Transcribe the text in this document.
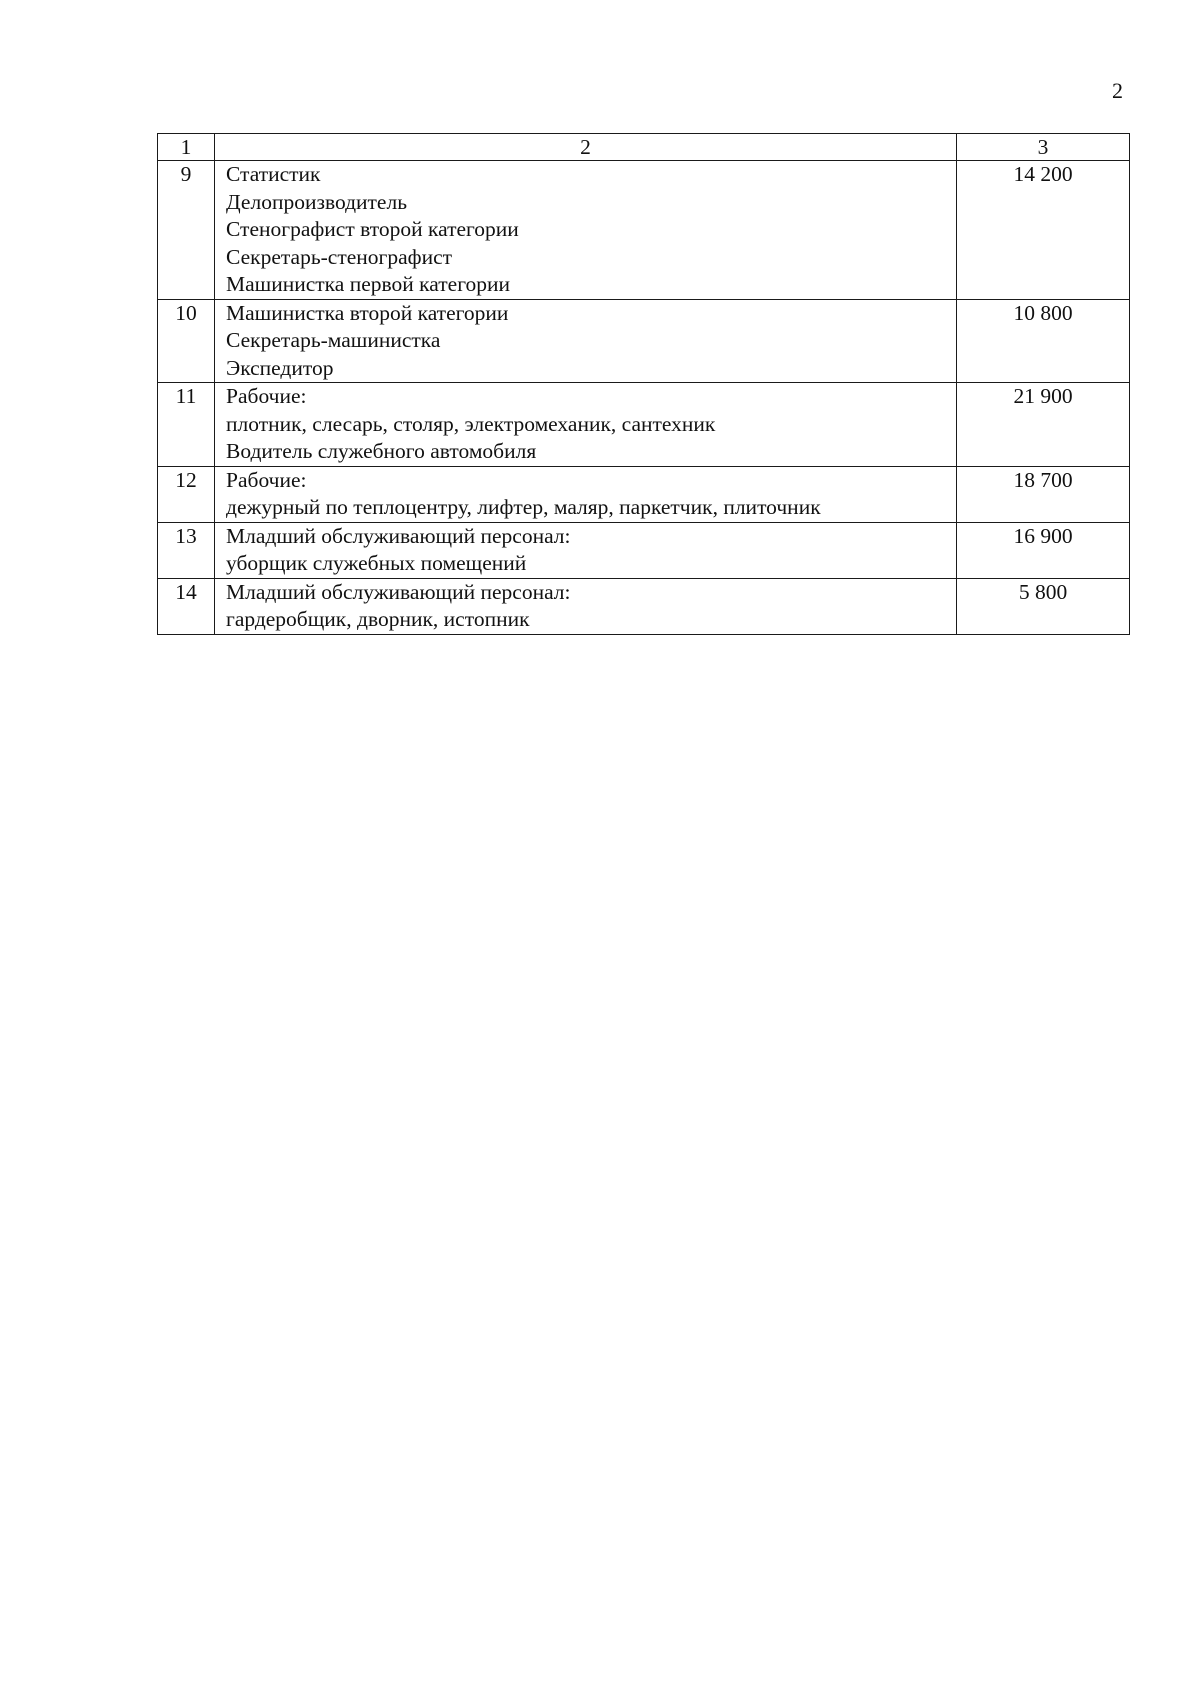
2
1	2	3
9	Статистик
Делопроизводитель
Стенографист второй категории
Секретарь-стенографист
Машинистка первой категории	14 200
10	Машинистка второй категории
Секретарь-машинистка
Экспедитор	10 800
11	Рабочие:
плотник, слесарь, столяр, электромеханик, сантехник
Водитель служебного автомобиля	21 900
12	Рабочие:
дежурный по теплоцентру, лифтер, маляр, паркетчик, плиточник	18 700
13	Младший обслуживающий персонал:
уборщик служебных помещений	16 900
14	Младший обслуживающий персонал:
гардеробщик, дворник, истопник	5 800
